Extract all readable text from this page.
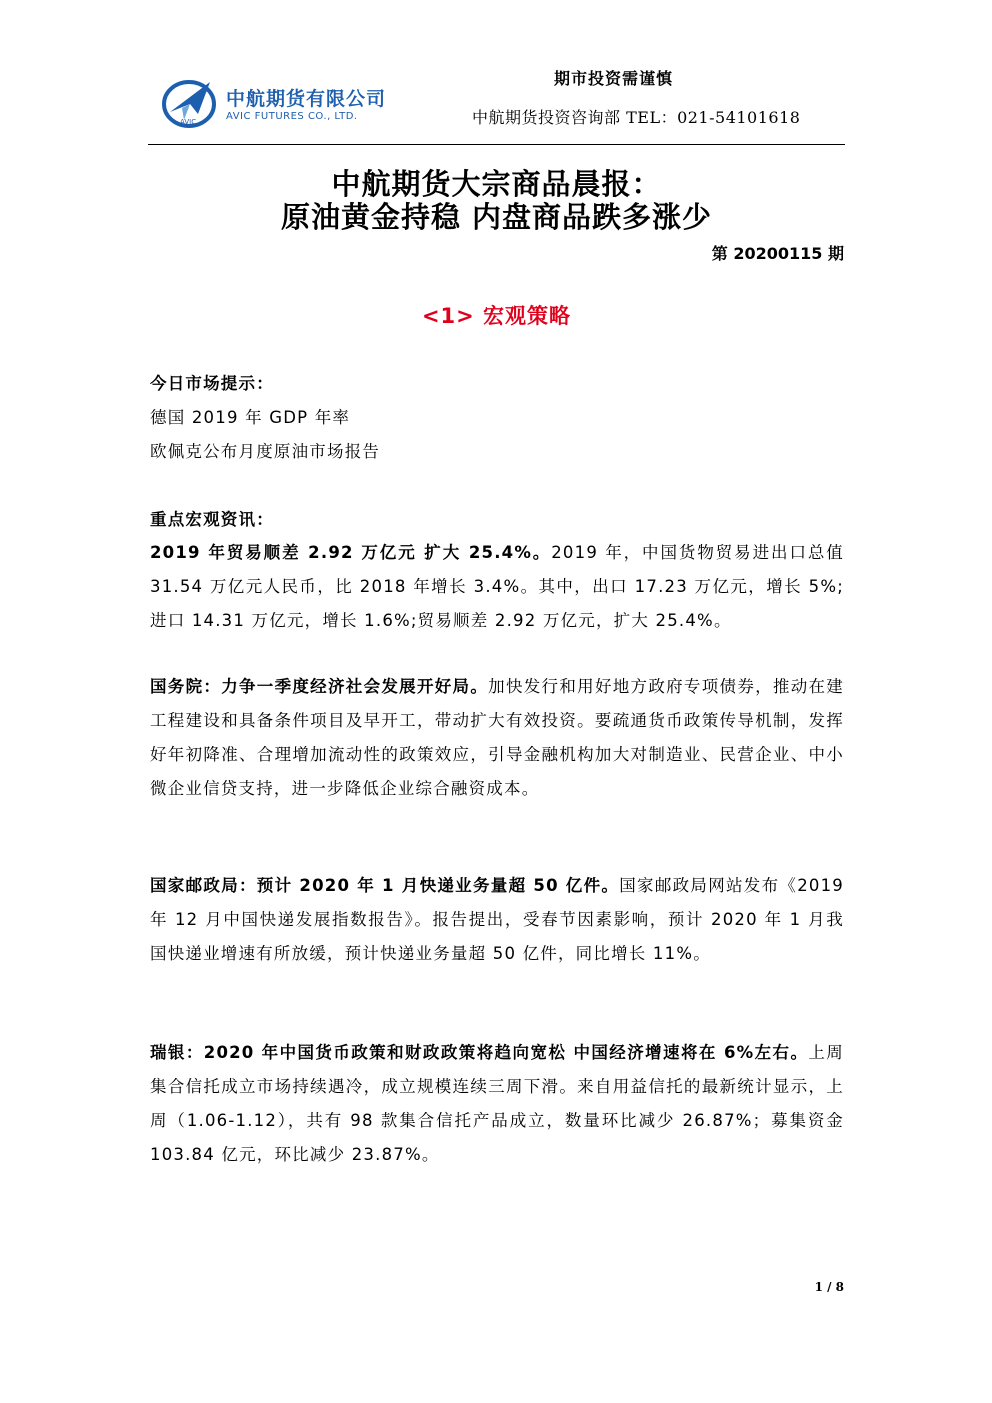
AVIC
中航期货有限公司
AVIC FUTURES CO., LTD.
期市投资需谨慎
中航期货投资咨询部 TEL：021-54101618
中航期货大宗商品晨报：
原油黄金持稳 内盘商品跌多涨少
第 20200115 期
<1> 宏观策略

今日市场提示：

德国 2019 年 GDP 年率

欧佩克公布月度原油市场报告

重点宏观资讯：

2019 年贸易顺差 2.92 万亿元 扩大 25.4%。2019 年，中国货物贸易进出口总值 31.54 万亿元人民币，比 2018 年增长 3.4%。其中，出口 17.23 万亿元，增长 5%;进口 14.31 万亿元，增长 1.6%;贸易顺差 2.92 万亿元，扩大 25.4%。

国务院：力争一季度经济社会发展开好局。加快发行和用好地方政府专项债券，推动在建工程建设和具备条件项目及早开工，带动扩大有效投资。要疏通货币政策传导机制，发挥好年初降准、合理增加流动性的政策效应，引导金融机构加大对制造业、民营企业、中小微企业信贷支持，进一步降低企业综合融资成本。

国家邮政局：预计 2020 年 1 月快递业务量超 50 亿件。国家邮政局网站发布《2019 年 12 月中国快递发展指数报告》。报告提出，受春节因素影响，预计 2020 年 1 月我国快递业增速有所放缓，预计快递业务量超 50 亿件，同比增长 11%。

瑞银：2020 年中国货币政策和财政政策将趋向宽松 中国经济增速将在 6%左右。上周集合信托成立市场持续遇冷，成立规模连续三周下滑。来自用益信托的最新统计显示，上周（1.06-1.12），共有 98 款集合信托产品成立，数量环比减少 26.87%；募集资金 103.84 亿元，环比减少 23.87%。

1 / 8
